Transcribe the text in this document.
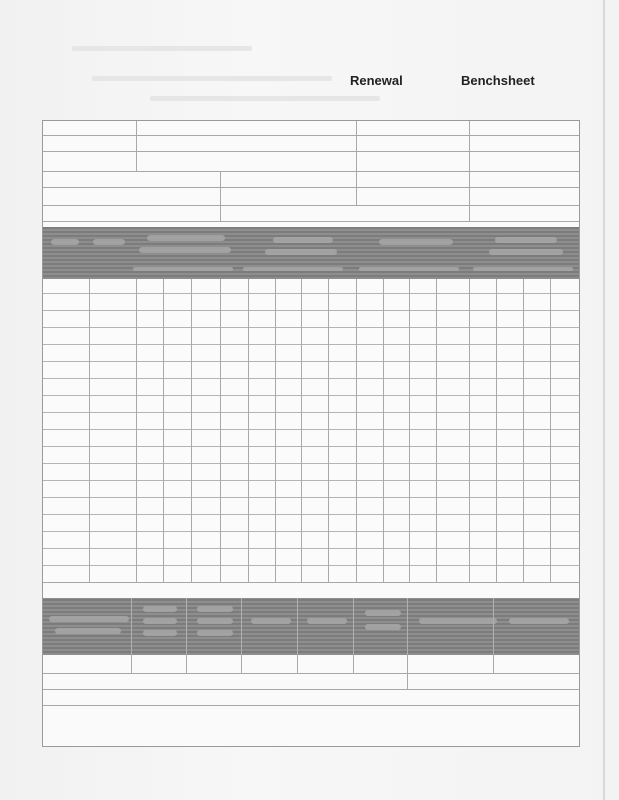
Renewal	Benchsheet
